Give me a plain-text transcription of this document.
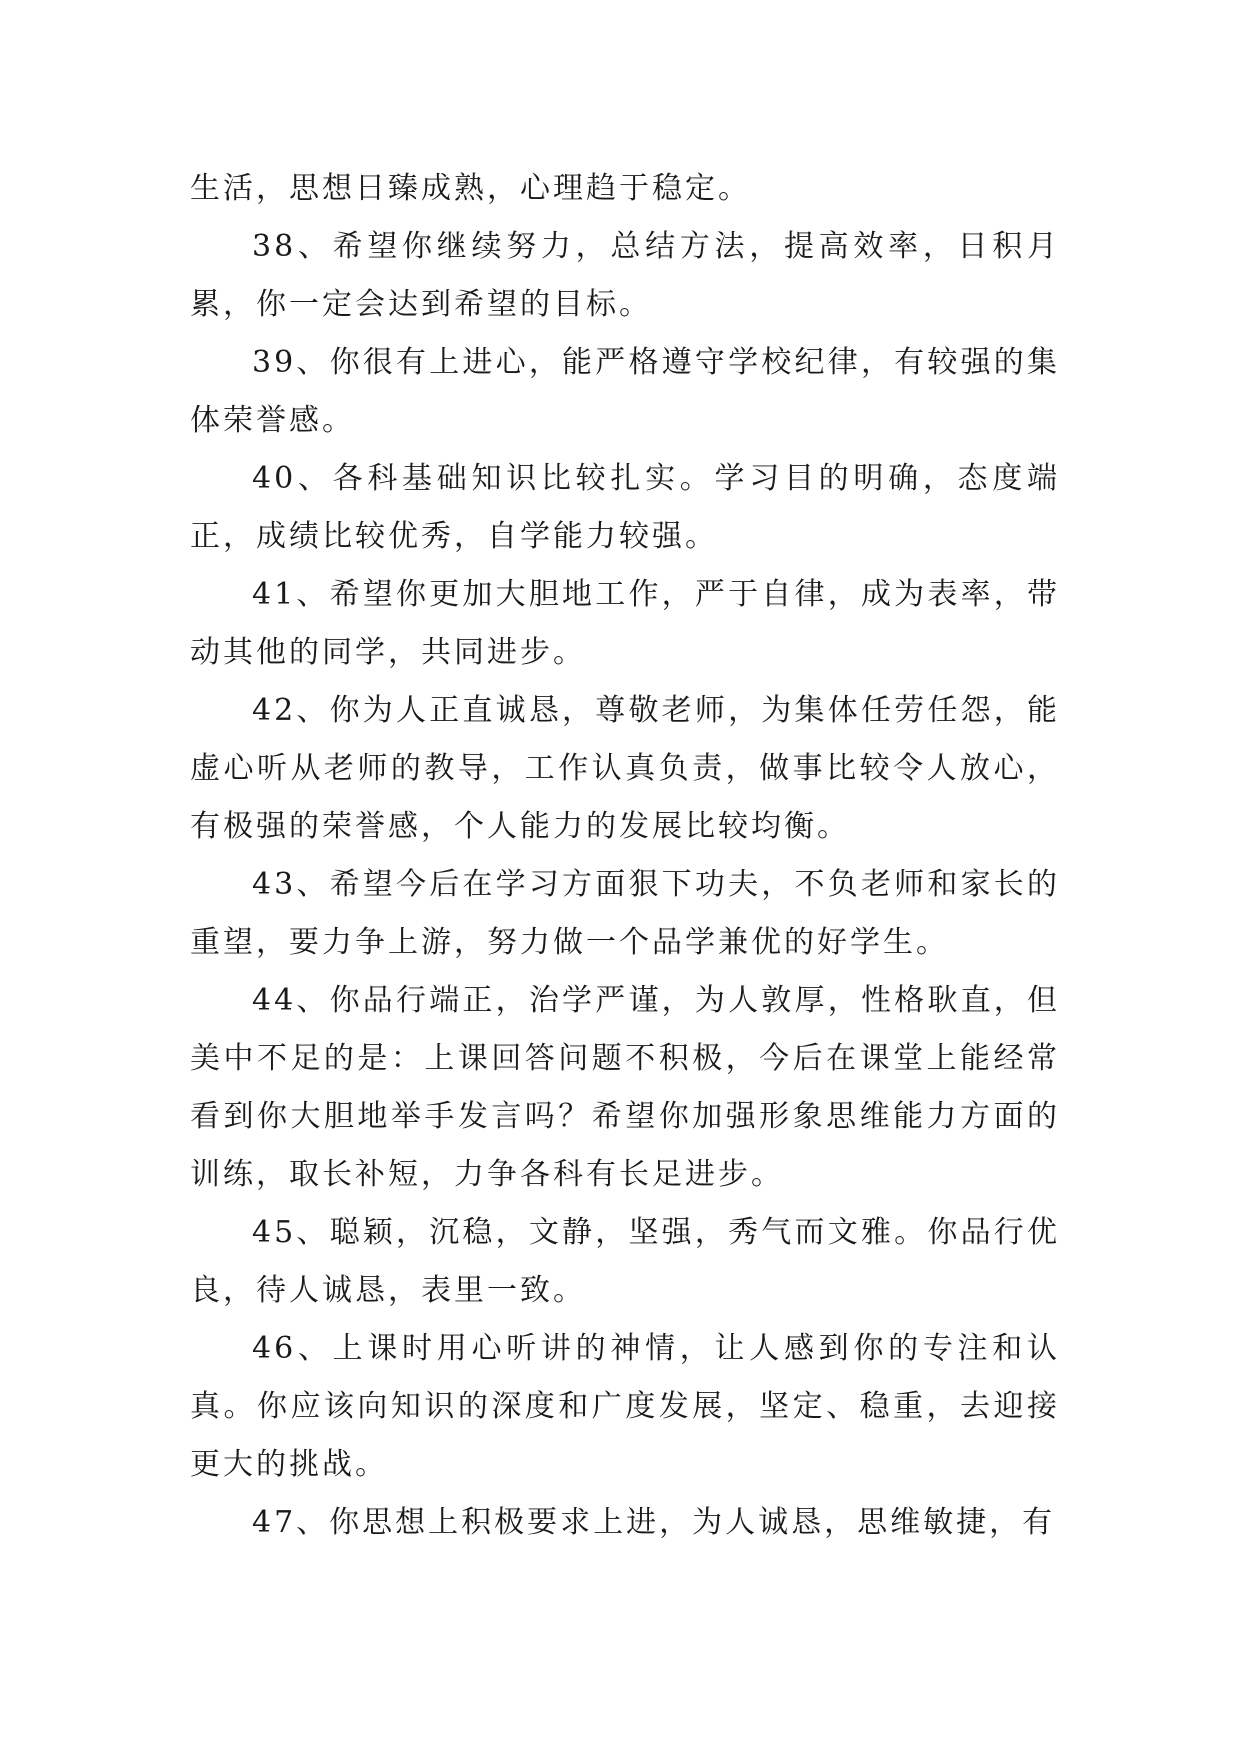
生活，思想日臻成熟，心理趋于稳定。

38、希望你继续努力，总结方法，提高效率，日积月累，你一定会达到希望的目标。

39、你很有上进心，能严格遵守学校纪律，有较强的集体荣誉感。

40、各科基础知识比较扎实。学习目的明确，态度端正，成绩比较优秀，自学能力较强。

41、希望你更加大胆地工作，严于自律，成为表率，带动其他的同学，共同进步。

42、你为人正直诚恳，尊敬老师，为集体任劳任怨，能虚心听从老师的教导，工作认真负责，做事比较令人放心，有极强的荣誉感，个人能力的发展比较均衡。

43、希望今后在学习方面狠下功夫，不负老师和家长的重望，要力争上游，努力做一个品学兼优的好学生。

44、你品行端正，治学严谨，为人敦厚，性格耿直，但美中不足的是：上课回答问题不积极，今后在课堂上能经常看到你大胆地举手发言吗？希望你加强形象思维能力方面的训练，取长补短，力争各科有长足进步。

45、聪颖，沉稳，文静，坚强，秀气而文雅。你品行优良，待人诚恳，表里一致。

46、上课时用心听讲的神情，让人感到你的专注和认真。你应该向知识的深度和广度发展，坚定、稳重，去迎接更大的挑战。

47、你思想上积极要求上进，为人诚恳，思维敏捷，有
